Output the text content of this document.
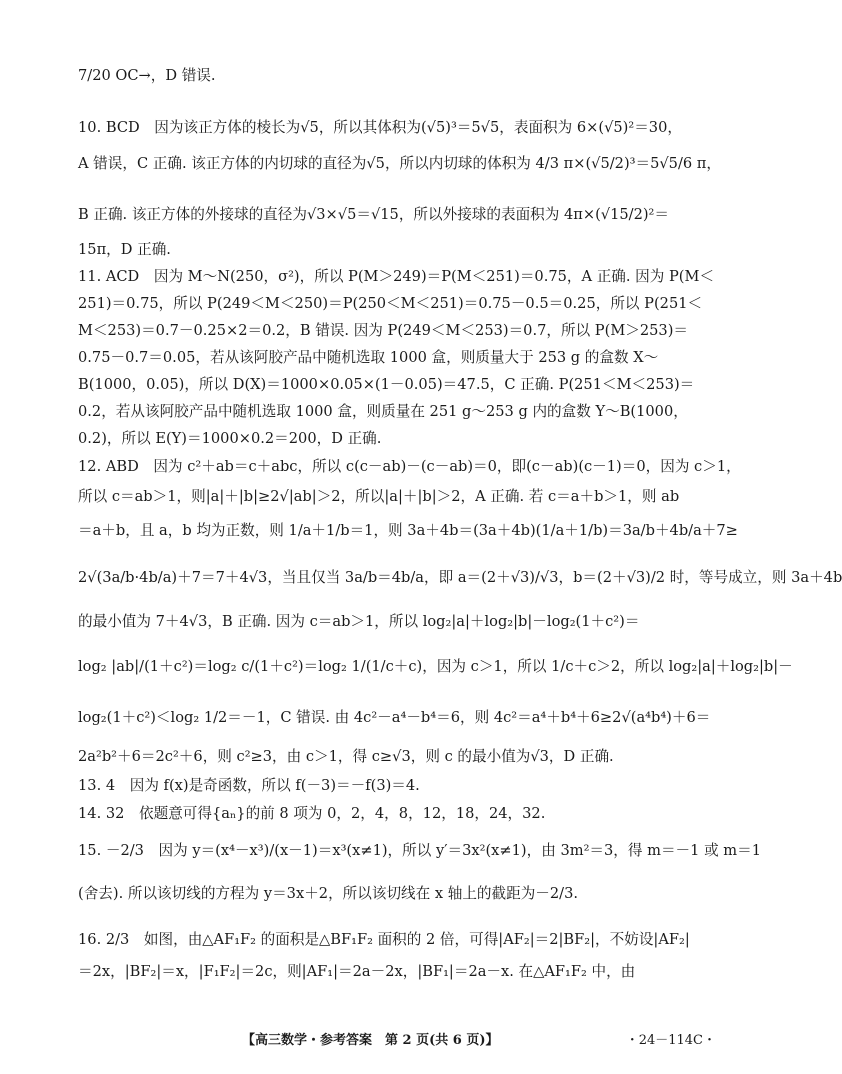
7/20 OC→，D 错误.
10. BCD　因为该正方体的棱长为√5，所以其体积为(√5)³＝5√5，表面积为 6×(√5)²＝30，
A 错误，C 正确. 该正方体的内切球的直径为√5，所以内切球的体积为 4/3 π×(√5/2)³＝5√5/6 π，
B 正确. 该正方体的外接球的直径为√3×√5＝√15，所以外接球的表面积为 4π×(√15/2)²＝
15π，D 正确.
11. ACD　因为 M～N(250，σ²)，所以 P(M＞249)＝P(M＜251)＝0.75，A 正确. 因为 P(M＜
251)＝0.75，所以 P(249＜M＜250)＝P(250＜M＜251)＝0.75－0.5＝0.25，所以 P(251＜
M＜253)＝0.7－0.25×2＝0.2，B 错误. 因为 P(249＜M＜253)＝0.7，所以 P(M＞253)＝
0.75－0.7＝0.05，若从该阿胶产品中随机选取 1000 盒，则质量大于 253 g 的盒数 X～
B(1000，0.05)，所以 D(X)＝1000×0.05×(1－0.05)＝47.5，C 正确. P(251＜M＜253)＝
0.2，若从该阿胶产品中随机选取 1000 盒，则质量在 251 g～253 g 内的盒数 Y～B(1000，
0.2)，所以 E(Y)＝1000×0.2＝200，D 正确.
12. ABD　因为 c²＋ab＝c＋abc，所以 c(c－ab)－(c－ab)＝0，即(c－ab)(c－1)＝0，因为 c＞1，
所以 c＝ab＞1，则|a|＋|b|≥2√|ab|＞2，所以|a|＋|b|＞2，A 正确. 若 c＝a＋b＞1，则 ab
＝a＋b，且 a，b 均为正数，则 1/a＋1/b＝1，则 3a＋4b＝(3a＋4b)(1/a＋1/b)＝3a/b＋4b/a＋7≥
2√(3a/b·4b/a)＋7＝7＋4√3，当且仅当 3a/b＝4b/a，即 a＝(2＋√3)/√3，b＝(2＋√3)/2 时，等号成立，则 3a＋4b
的最小值为 7＋4√3，B 正确. 因为 c＝ab＞1，所以 log₂|a|＋log₂|b|－log₂(1＋c²)＝
log₂ |ab|/(1＋c²)＝log₂ c/(1＋c²)＝log₂ 1/(1/c＋c)，因为 c＞1，所以 1/c＋c＞2，所以 log₂|a|＋log₂|b|－
log₂(1＋c²)＜log₂ 1/2＝－1，C 错误. 由 4c²－a⁴－b⁴＝6，则 4c²＝a⁴＋b⁴＋6≥2√(a⁴b⁴)＋6＝
2a²b²＋6＝2c²＋6，则 c²≥3，由 c＞1，得 c≥√3，则 c 的最小值为√3，D 正确.
13. 4　因为 f(x)是奇函数，所以 f(－3)＝－f(3)＝4.
14. 32　依题意可得{aₙ}的前 8 项为 0，2，4，8，12，18，24，32.
15. －2/3　因为 y＝(x⁴－x³)/(x－1)＝x³(x≠1)，所以 y′＝3x²(x≠1)，由 3m²＝3，得 m＝－1 或 m＝1
(舍去). 所以该切线的方程为 y＝3x＋2，所以该切线在 x 轴上的截距为－2/3.
16. 2/3　如图，由△AF₁F₂ 的面积是△BF₁F₂ 面积的 2 倍，可得|AF₂|＝2|BF₂|，不妨设|AF₂|
＝2x，|BF₂|＝x，|F₁F₂|＝2c，则|AF₁|＝2a－2x，|BF₁|＝2a－x. 在△AF₁F₂ 中，由
【高三数学・参考答案　第 2 页(共 6 页)】	・24－114C・
